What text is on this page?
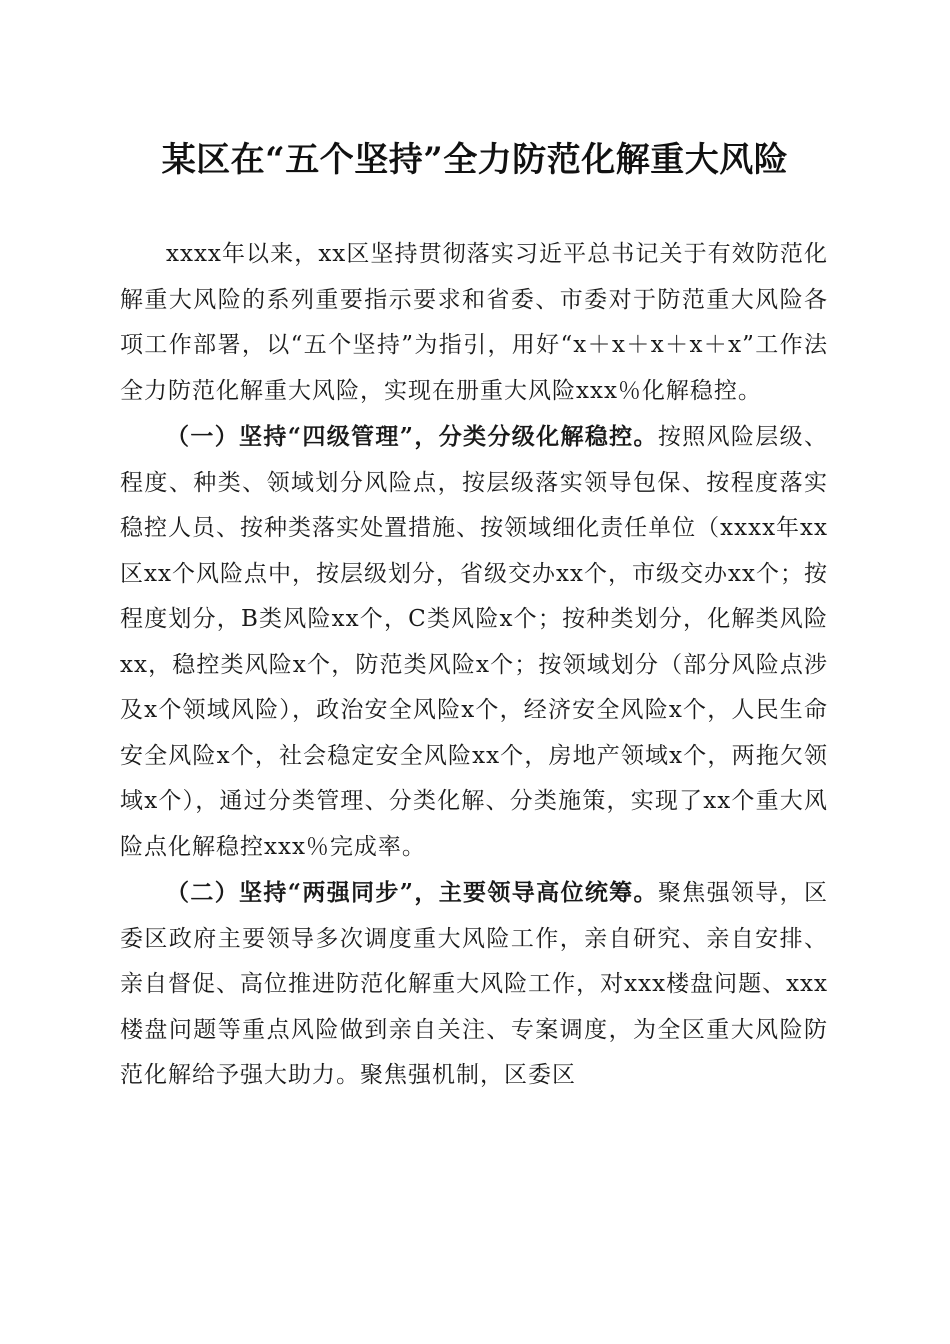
某区在“五个坚持”全力防范化解重大风险

xxxx年以来，xx区坚持贯彻落实习近平总书记关于有效防范化解重大风险的系列重要指示要求和省委、市委对于防范重大风险各项工作部署，以“五个坚持”为指引，用好“x＋x＋x＋x＋x”工作法全力防范化解重大风险，实现在册重大风险xxx％化解稳控。

（一）坚持“四级管理”，分类分级化解稳控。按照风险层级、程度、种类、领域划分风险点，按层级落实领导包保、按程度落实稳控人员、按种类落实处置措施、按领域细化责任单位（xxxx年xx区xx个风险点中，按层级划分，省级交办xx个，市级交办xx个；按程度划分，B类风险xx个，C类风险x个；按种类划分，化解类风险xx，稳控类风险x个，防范类风险x个；按领域划分（部分风险点涉及x个领域风险），政治安全风险x个，经济安全风险x个，人民生命安全风险x个，社会稳定安全风险xx个，房地产领域x个，两拖欠领域x个），通过分类管理、分类化解、分类施策，实现了xx个重大风险点化解稳控xxx％完成率。

（二）坚持“两强同步”，主要领导高位统筹。聚焦强领导，区委区政府主要领导多次调度重大风险工作，亲自研究、亲自安排、亲自督促、高位推进防范化解重大风险工作，对xxx楼盘问题、xxx楼盘问题等重点风险做到亲自关注、专案调度，为全区重大风险防范化解给予强大助力。聚焦强机制，区委区
